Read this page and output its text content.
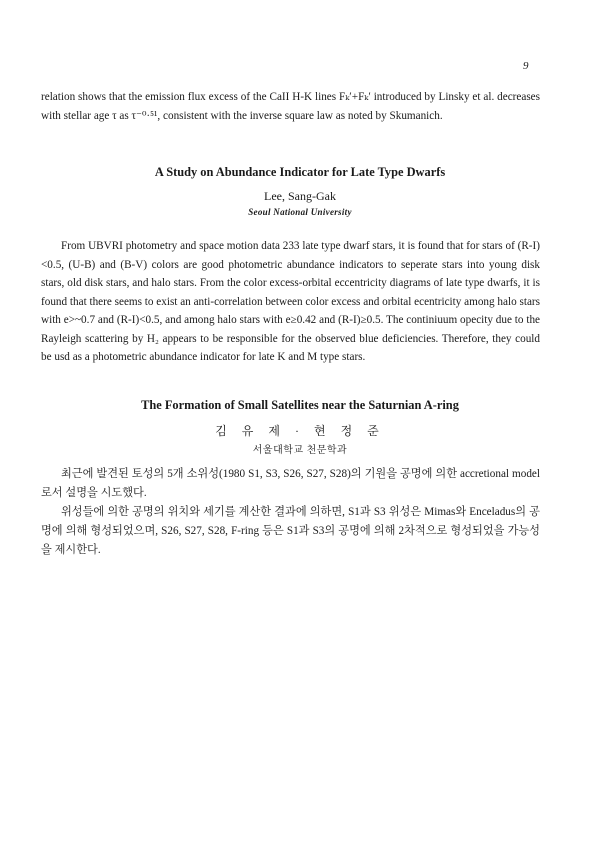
9

relation shows that the emission flux excess of the CaII H-K lines Fₖ′+Fₖ′ introduced by Linsky et al. decreases with stellar age τ as τ⁻⁰·⁵¹, consistent with the inverse square law as noted by Skumanich.

A Study on Abundance Indicator for Late Type Dwarfs
Lee, Sang-Gak
Seoul National University

From UBVRI photometry and space motion data 233 late type dwarf stars, it is found that for stars of (R-I)<0.5, (U-B) and (B-V) colors are good photometric abundance indicators to seperate stars into young disk stars, old disk stars, and halo stars. From the color excess-orbital eccentricity diagrams of late type dwarfs, it is found that there seems to exist an anti-correlation between color excess and orbital ecentricity among halo stars with e>~0.7 and (R-I)<0.5, and among halo stars with e≥0.42 and (R-I)≥0.5. The continiuum opecity due to the Rayleigh scattering by H₂ appears to be responsible for the observed blue deficiencies. Therefore, they could be usd as a photometric abundance indicator for late K and M type stars.

The Formation of Small Satellites near the Saturnian A-ring
김 유 제 · 현 정 준
서울대학교 천문학과

최근에 발견된 토성의 5개 소위성(1980 S1, S3, S26, S27, S28)의 기원을 공명에 의한 accretional model로서 설명을 시도했다.

위성들에 의한 공명의 위치와 세기를 계산한 결과에 의하면, S1과 S3 위성은 Mimas와 Enceladus의 공명에 의해 형성되었으며, S26, S27, S28, F-ring 등은 S1과 S3의 공명에 의해 2차적으로 형성되었을 가능성을 제시한다.
